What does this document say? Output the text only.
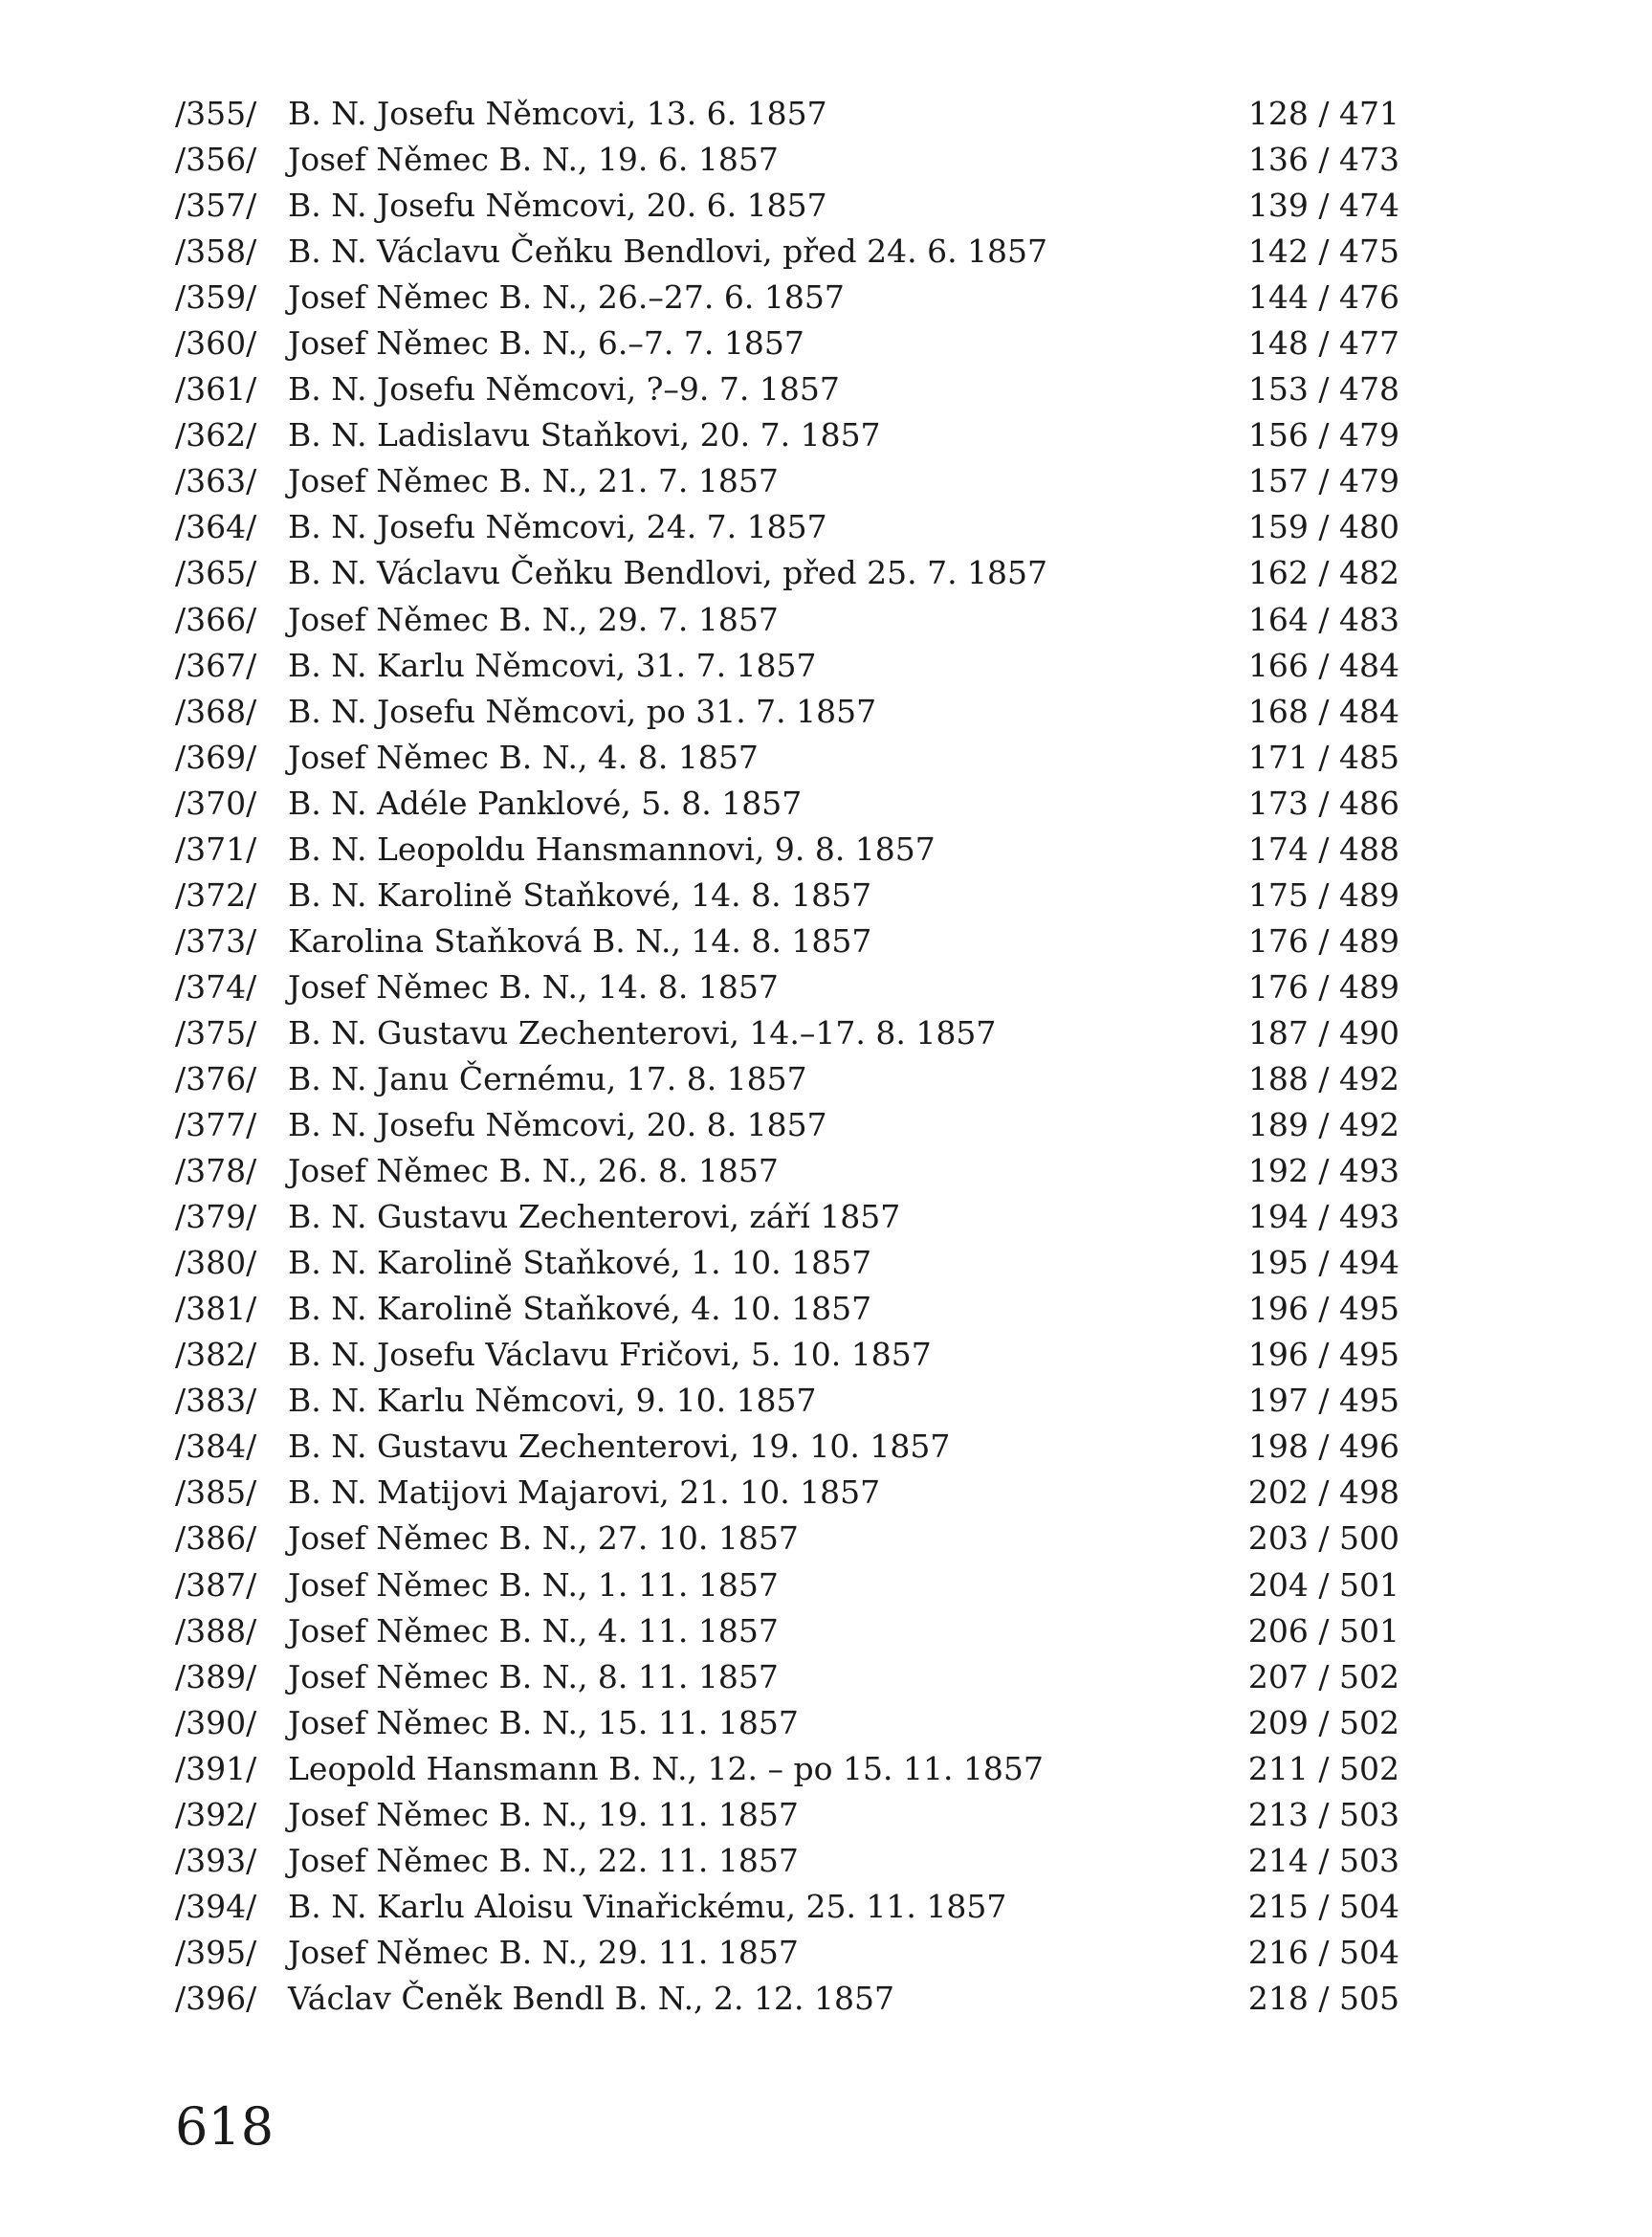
/355/ B. N. Josefu Němcovi, 13. 6. 1857	128 / 471
/356/ Josef Němec B. N., 19. 6. 1857	136 / 473
/357/ B. N. Josefu Němcovi, 20. 6. 1857	139 / 474
/358/ B. N. Václavu Čeňku Bendlovi, před 24. 6. 1857	142 / 475
/359/ Josef Němec B. N., 26.–27. 6. 1857	144 / 476
/360/ Josef Němec B. N., 6.–7. 7. 1857	148 / 477
/361/ B. N. Josefu Němcovi, ?–9. 7. 1857	153 / 478
/362/ B. N. Ladislavu Staňkovi, 20. 7. 1857	156 / 479
/363/ Josef Němec B. N., 21. 7. 1857	157 / 479
/364/ B. N. Josefu Němcovi, 24. 7. 1857	159 / 480
/365/ B. N. Václavu Čeňku Bendlovi, před 25. 7. 1857	162 / 482
/366/ Josef Němec B. N., 29. 7. 1857	164 / 483
/367/ B. N. Karlu Němcovi, 31. 7. 1857	166 / 484
/368/ B. N. Josefu Němcovi, po 31. 7. 1857	168 / 484
/369/ Josef Němec B. N., 4. 8. 1857	171 / 485
/370/ B. N. Adéle Panklové, 5. 8. 1857	173 / 486
/371/ B. N. Leopoldu Hansmannovi, 9. 8. 1857	174 / 488
/372/ B. N. Karolině Staňkové, 14. 8. 1857	175 / 489
/373/ Karolina Staňková B. N., 14. 8. 1857	176 / 489
/374/ Josef Němec B. N., 14. 8. 1857	176 / 489
/375/ B. N. Gustavu Zechenterovi, 14.–17. 8. 1857	187 / 490
/376/ B. N. Janu Černému, 17. 8. 1857	188 / 492
/377/ B. N. Josefu Němcovi, 20. 8. 1857	189 / 492
/378/ Josef Němec B. N., 26. 8. 1857	192 / 493
/379/ B. N. Gustavu Zechenterovi, září 1857	194 / 493
/380/ B. N. Karolině Staňkové, 1. 10. 1857	195 / 494
/381/ B. N. Karolině Staňkové, 4. 10. 1857	196 / 495
/382/ B. N. Josefu Václavu Fričovi, 5. 10. 1857	196 / 495
/383/ B. N. Karlu Němcovi, 9. 10. 1857	197 / 495
/384/ B. N. Gustavu Zechenterovi, 19. 10. 1857	198 / 496
/385/ B. N. Matijovi Majarovi, 21. 10. 1857	202 / 498
/386/ Josef Němec B. N., 27. 10. 1857	203 / 500
/387/ Josef Němec B. N., 1. 11. 1857	204 / 501
/388/ Josef Němec B. N., 4. 11. 1857	206 / 501
/389/ Josef Němec B. N., 8. 11. 1857	207 / 502
/390/ Josef Němec B. N., 15. 11. 1857	209 / 502
/391/ Leopold Hansmann B. N., 12. – po 15. 11. 1857	211 / 502
/392/ Josef Němec B. N., 19. 11. 1857	213 / 503
/393/ Josef Němec B. N., 22. 11. 1857	214 / 503
/394/ B. N. Karlu Aloisu Vinařickému, 25. 11. 1857	215 / 504
/395/ Josef Němec B. N., 29. 11. 1857	216 / 504
/396/ Václav Čeněk Bendl B. N., 2. 12. 1857	218 / 505
618
